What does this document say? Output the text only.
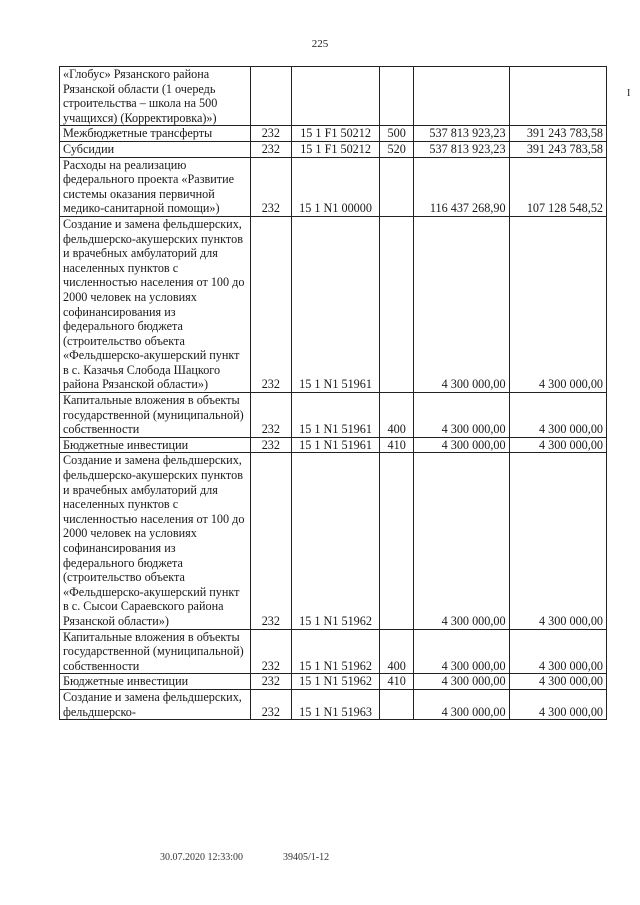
225
I
«Глобус» Рязанского района Рязанской области (1 очередь строительства – школа на 500 учащихся) (Корректировка)»)					
Межбюджетные трансферты	232	15 1 F1 50212	500	537 813 923,23	391 243 783,58
Субсидии	232	15 1 F1 50212	520	537 813 923,23	391 243 783,58
Расходы на реализацию федерального проекта «Развитие системы оказания первичной медико-санитарной помощи»)	232	15 1 N1 00000		116 437 268,90	107 128 548,52
Создание и замена фельдшерских, фельдшерско-акушерских пунктов и врачебных амбулаторий для населенных пунктов с численностью населения от 100 до 2000 человек на условиях софинансирования из федерального бюджета (строительство объекта «Фельдшерско-акушерский пункт в с. Казачья Слобода Шацкого района Рязанской области»)	232	15 1 N1 51961		4 300 000,00	4 300 000,00
Капитальные вложения в объекты государственной (муниципальной) собственности	232	15 1 N1 51961	400	4 300 000,00	4 300 000,00
Бюджетные инвестиции	232	15 1 N1 51961	410	4 300 000,00	4 300 000,00
Создание и замена фельдшерских, фельдшерско-акушерских пунктов и врачебных амбулаторий для населенных пунктов с численностью населения от 100 до 2000 человек на условиях софинансирования из федерального бюджета (строительство объекта «Фельдшерско-акушерский пункт в с. Сысои Сараевского района Рязанской области»)	232	15 1 N1 51962		4 300 000,00	4 300 000,00
Капитальные вложения в объекты государственной (муниципальной) собственности	232	15 1 N1 51962	400	4 300 000,00	4 300 000,00
Бюджетные инвестиции	232	15 1 N1 51962	410	4 300 000,00	4 300 000,00
Создание и замена фельдшерских, фельдшерско-	232	15 1 N1 51963		4 300 000,00	4 300 000,00
30.07.2020 12:33:00	39405/1-12
